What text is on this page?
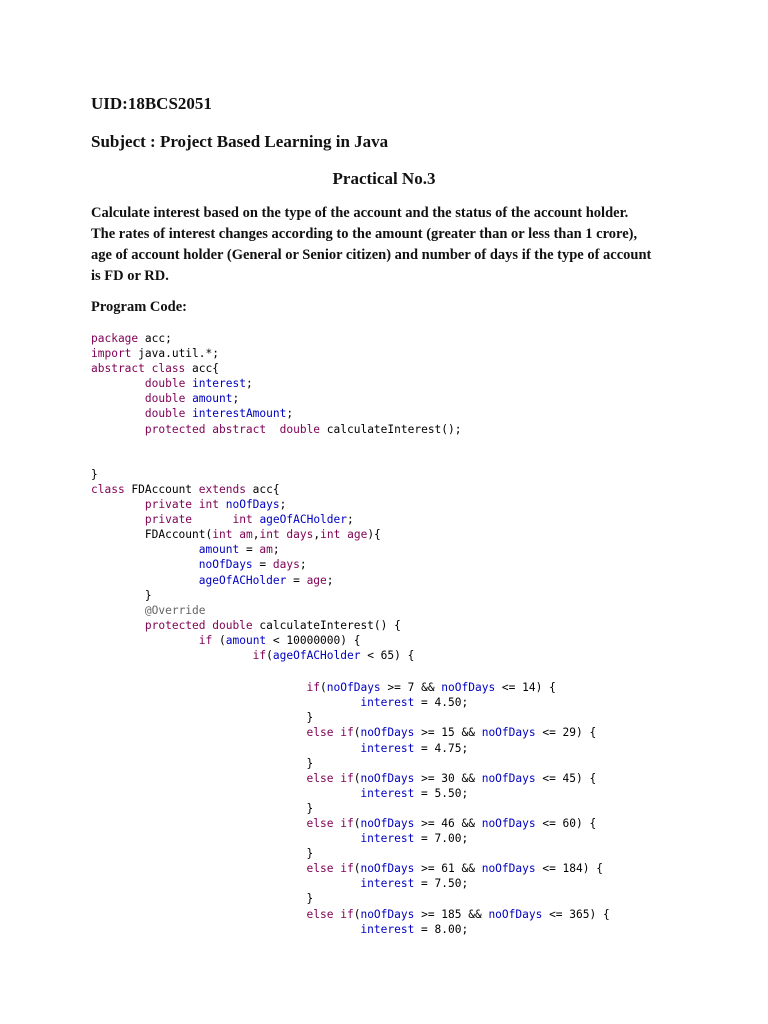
UID:18BCS2051
Subject : Project Based Learning in Java
Practical No.3
Calculate interest based on the type of the account and the status of the account holder.
The rates of interest changes according to the amount (greater than or less than 1 crore),
age of account holder (General or Senior citizen) and number of days if the type of account
is FD or RD.
Program Code:
package acc;
import java.util.*;
abstract class acc{
double interest;
double amount;
double interestAmount;
protected abstract double calculateInterest();
}
class FDAccount extends acc{
private int noOfDays;
private	int ageOfACHolder;
FDAccount(int am,int days,int age){
amount = am;
noOfDays = days;
ageOfACHolder = age;
}
@Override
protected double calculateInterest() {
if (amount < 10000000) {
if(ageOfACHolder < 65) {
if(noOfDays >= 7 && noOfDays <= 14) {
interest = 4.50;
}
else if(noOfDays >= 15 && noOfDays <= 29) {
interest = 4.75;
}
else if(noOfDays >= 30 && noOfDays <= 45) {
interest = 5.50;
}
else if(noOfDays >= 46 && noOfDays <= 60) {
interest = 7.00;
}
else if(noOfDays >= 61 && noOfDays <= 184) {
interest = 7.50;
}
else if(noOfDays >= 185 && noOfDays <= 365) {
interest = 8.00;
